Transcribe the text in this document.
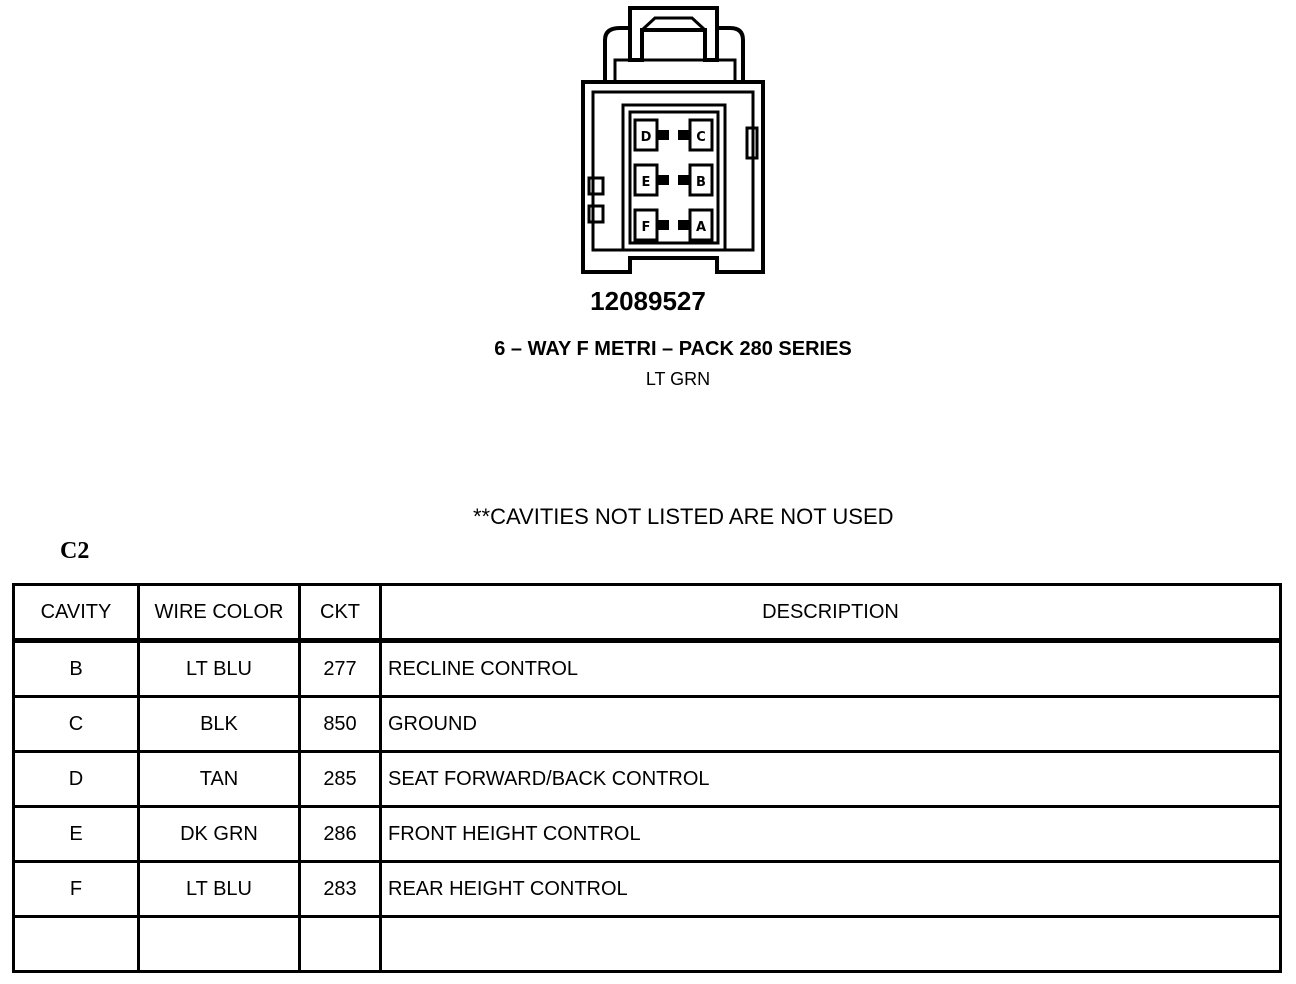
D	C
E	B
F	A
12089527
6 – WAY F METRI – PACK 280 SERIES
LT GRN
**CAVITIES NOT LISTED ARE NOT USED
C2
CAVITY	WIRE COLOR	CKT	DESCRIPTION
B	LT BLU	277	RECLINE CONTROL
C	BLK	850	GROUND
D	TAN	285	SEAT FORWARD/BACK CONTROL
E	DK GRN	286	FRONT HEIGHT CONTROL
F	LT BLU	283	REAR HEIGHT CONTROL
